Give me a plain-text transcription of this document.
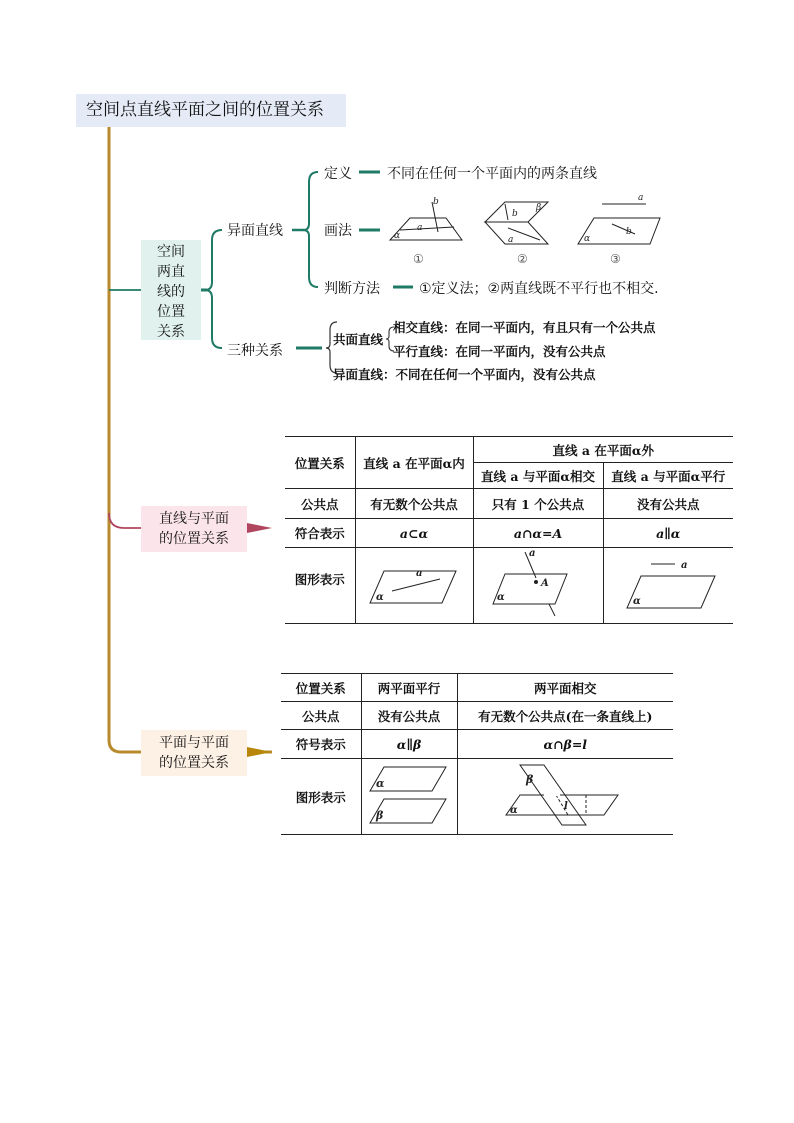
空间点直线平面之间的位置关系
空间
两直
线的
位置
关系
异面直线
定义	不同在任何一个平面内的两条直线
画法
判断方法	①定义法；②两直线既不平行也不相交.
b
a
α
b
β
a
a
b
α
①	②	③
三种关系
共面直线
相交直线：在同一平面内，有且只有一个公共点
平行直线：在同一平面内，没有公共点
异面直线：不同在任何一个平面内，没有公共点
直线与平面
的位置关系
位置关系	直线 a 在平面α内	直线 a 在平面α外	
		直线 a 与平面α相交	直线 a 与平面α平行
公共点	有无数个公共点	只有 1 个公共点	没有公共点
符合表示	a⊂α	a∩α=A	a∥α
图形表示	a
α	a
A
α	a
α
平面与平面
的位置关系
位置关系	两平面平行	两平面相交
公共点	没有公共点	有无数个公共点(在一条直线上)
符号表示	α∥β	α∩β=l
图形表示	α
β	β
l
α
